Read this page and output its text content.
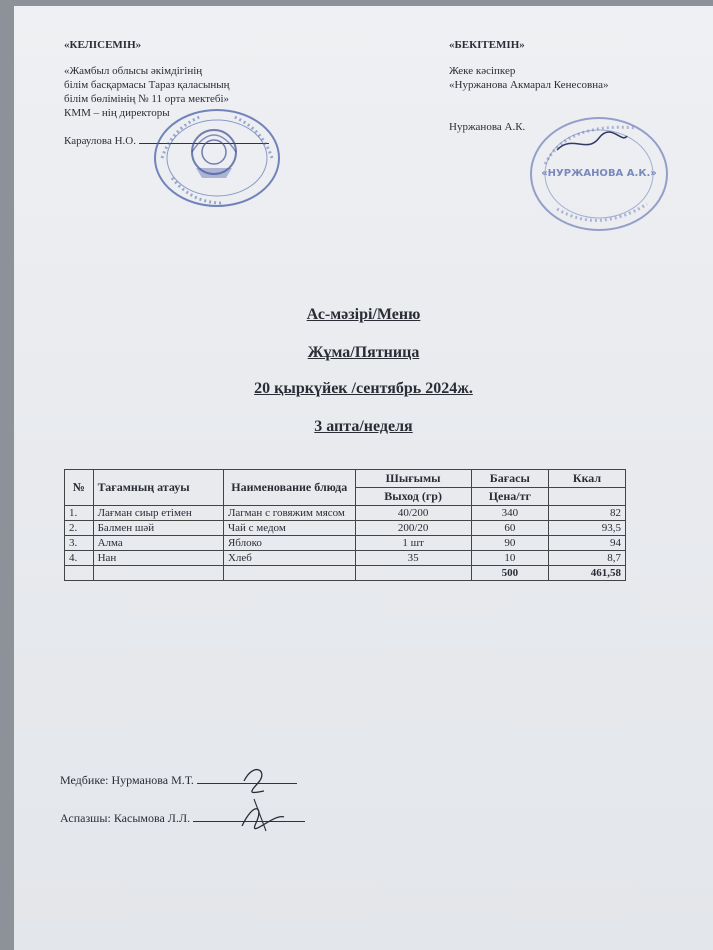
«КЕЛІСЕМІН»
«Жамбыл облысы әкімдігінің
білім басқармасы Тараз қаласының
білім бөлімінің № 11 орта мектебі»
КММ – нің директоры
Караулова Н.О.
«БЕКІТЕМІН»
Жеке кәсіпкер
«Нуржанова Акмарал Кенесовна»
Нуржанова А.К.
«НУРЖАНОВА А.К.»
Ас-мәзірі/Меню
Жұма/Пятница
20 қыркүйек /сентябрь 2024ж.
3 апта/неделя
№	Тағамның атауы	Наименование блюда	Шығымы	Бағасы	Ккал
			Выход (гр)	Цена/тг	
1.	Лағман сиыр етімен	Лагман с говяжим мясом	40/200	340	82
2.	Балмен шәй	Чай с медом	200/20	60	93,5
3.	Алма	Яблоко	1 шт	90	94
4.	Нан	Хлеб	35	10	8,7
				500	461,58
Медбике: Нурманова М.Т.
Аспазшы: Касымова Л.Л.
